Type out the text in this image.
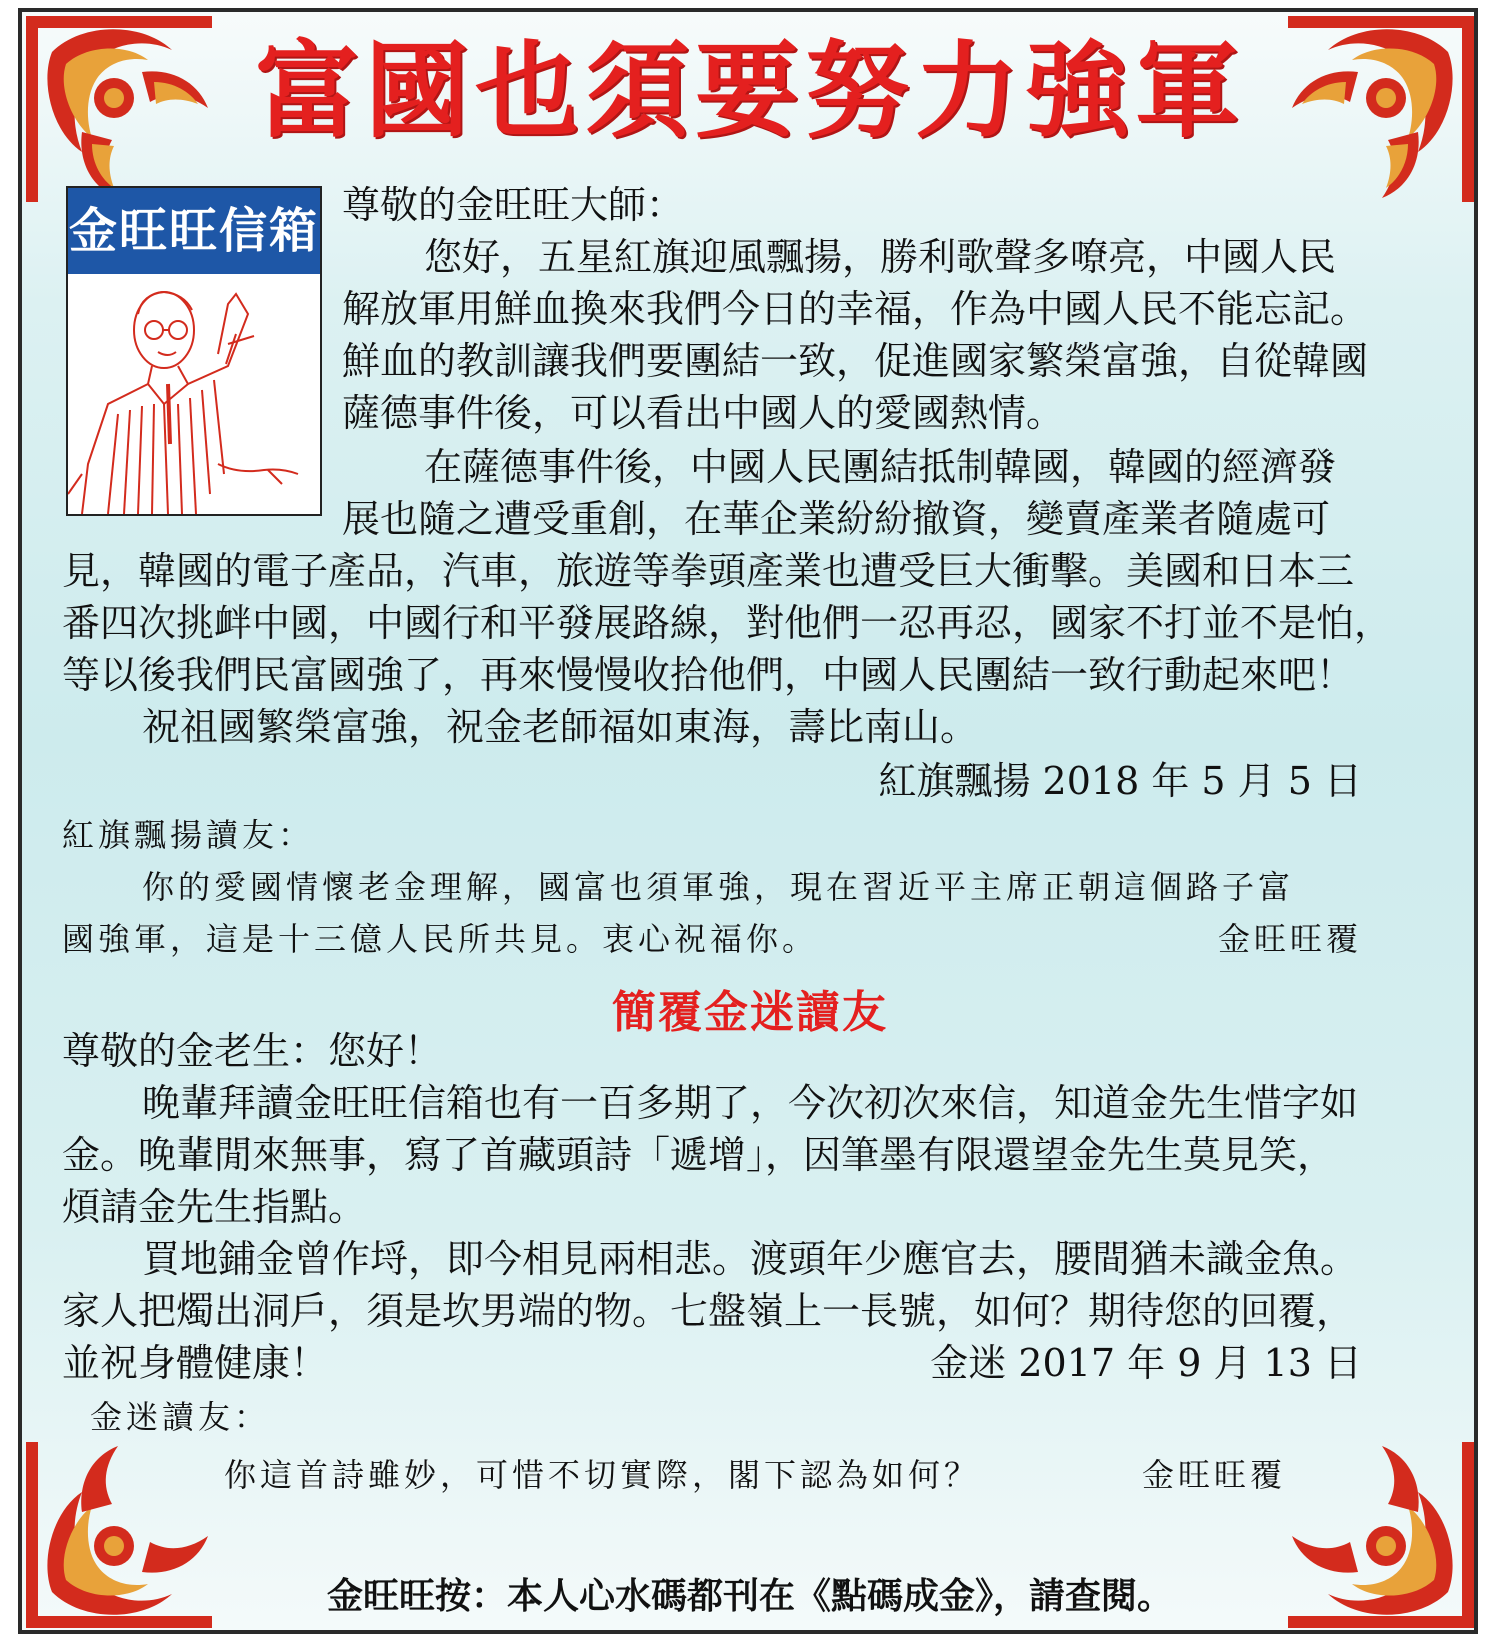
富國也須要努力強軍
金旺旺信箱 尊敬的金旺旺大師：
您好，五星紅旗迎風飄揚，勝利歌聲多嘹亮，中國人民
解放軍用鮮血換來我們今日的幸福，作為中國人民不能忘記。
鮮血的教訓讓我們要團結一致，促進國家繁榮富強，自從韓國
薩德事件後，可以看出中國人的愛國熱情。
在薩德事件後，中國人民團結抵制韓國，韓國的經濟發
展也隨之遭受重創，在華企業紛紛撤資，變賣產業者隨處可
見，韓國的電子產品，汽車，旅遊等拳頭產業也遭受巨大衝擊。美國和日本三
番四次挑衅中國，中國行和平發展路線，對他們一忍再忍，國家不打並不是怕，
等以後我們民富國強了，再來慢慢收拾他們，中國人民團結一致行動起來吧！
祝祖國繁榮富強，祝金老師福如東海，壽比南山。
紅旗飄揚 2018 年 5 月 5 日
紅旗飄揚讀友：
你的愛國情懷老金理解，國富也須軍強，現在習近平主席正朝這個路子富
國強軍，這是十三億人民所共見。衷心祝福你。	金旺旺覆
簡覆金迷讀友
尊敬的金老生：您好！
晚輩拜讀金旺旺信箱也有一百多期了，今次初次來信，知道金先生惜字如
金。晚輩閒來無事，寫了首藏頭詩「遞增」，因筆墨有限還望金先生莫見笑，
煩請金先生指點。
買地鋪金曾作埒，即今相見兩相悲。渡頭年少應官去，腰間猶未識金魚。
家人把燭出洞戶，須是坎男端的物。七盤嶺上一長號，如何？期待您的回覆，
並祝身體健康！	金迷 2017 年 9 月 13 日
金迷讀友：
你這首詩雖妙，可惜不切實際，閣下認為如何？	金旺旺覆
金旺旺按：本人心水碼都刊在《點碼成金》，請查閱。
